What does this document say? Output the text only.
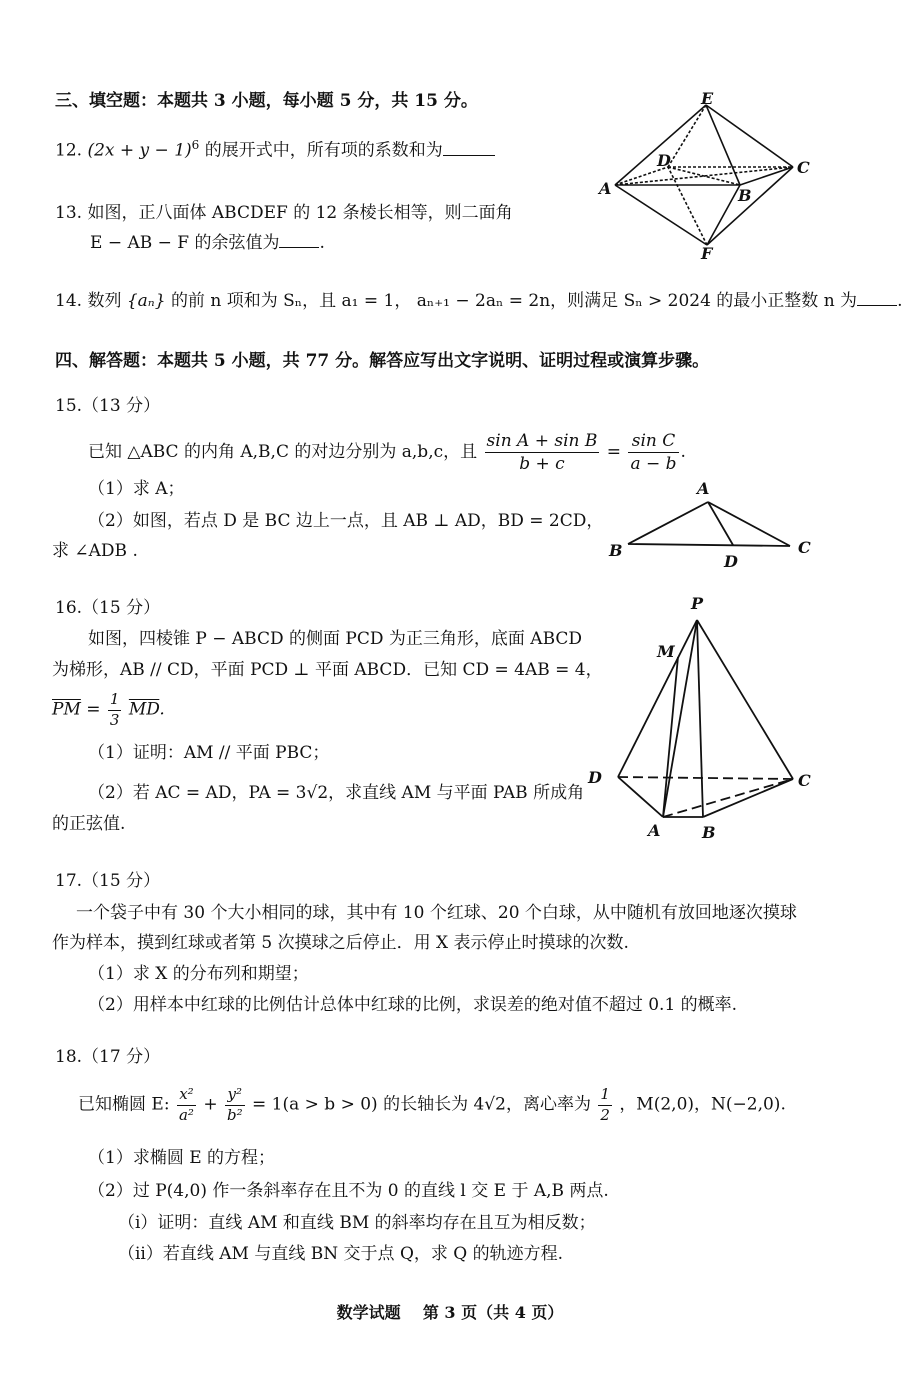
三、填空题：本题共 3 小题，每小题 5 分，共 15 分。
12. $(2x + y - 1)^6$ 的展开式中，所有项的系数和为
13. 如图，正八面体 ABCDEF 的 12 条棱长相等，则二面角
E − AB − F 的余弦值为 .
E
D	C
A	B
F
14. 数列 {aₙ} 的前 n 项和为 Sₙ，且 a₁ = 1， aₙ₊₁ − 2aₙ = 2n，则满足 Sₙ > 2024 的最小正整数 n 为 .
四、解答题：本题共 5 小题，共 77 分。解答应写出文字说明、证明过程或演算步骤。
15.（13 分）
已知 △ABC 的内角 A,B,C 的对边分别为 a,b,c，且 $\frac{\text{sin A + sin B}}{b + c} = \frac{\text{sin C}}{a - b}$ .
（1）求 A；
（2）如图，若点 D 是 BC 边上一点，且 AB ⊥ AD，BD = 2CD，
求 ∠ADB .
A
B	C
D
16.（15 分）
如图，四棱锥 P − ABCD 的侧面 PCD 为正三角形，底面 ABCD
为梯形，AB // CD，平面 PCD ⊥ 平面 ABCD．已知 CD = 4AB = 4，
$\overline{PM} = \frac{1}{3} \overline{MD}$.
（1）证明：AM // 平面 PBC；
（2）若 AC = AD，PA = 3√2，求直线 AM 与平面 PAB 所成角
的正弦值.
P
M
D	C
A	B
17.（15 分）
一个袋子中有 30 个大小相同的球，其中有 10 个红球、20 个白球，从中随机有放回地逐次摸球
作为样本，摸到红球或者第 5 次摸球之后停止．用 X 表示停止时摸球的次数.
（1）求 X 的分布列和期望；
（2）用样本中红球的比例估计总体中红球的比例，求误差的绝对值不超过 0.1 的概率.
18.（17 分）
已知椭圆 E: $\frac{\text{x²}}{\text{a²}} + \frac{\text{y²}}{\text{b²}} = 1(a > b > 0)$ 的长轴长为 4√2，离心率为 $\frac{1}{2}$ ，M(2,0)，N(−2,0).
（1）求椭圆 E 的方程；
（2）过 P(4,0) 作一条斜率存在且不为 0 的直线 l 交 E 于 A,B 两点.
（i）证明：直线 AM 和直线 BM 的斜率均存在且互为相反数；
（ii）若直线 AM 与直线 BN 交于点 Q，求 Q 的轨迹方程.
数学试题    第 3 页（共 4 页）
